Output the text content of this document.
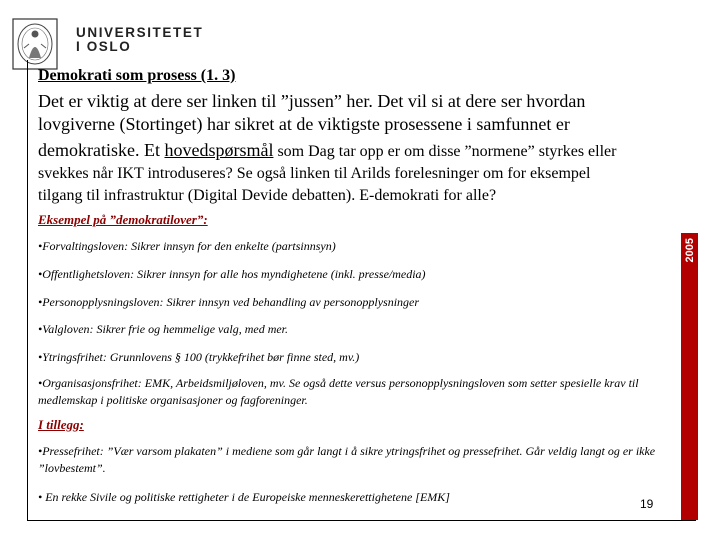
UNIVERSITETET
I OSLO
Demokrati som prosess (1. 3)
Det er viktig at dere ser linken til ”jussen” her. Det vil si at dere ser hvordan
lovgiverne (Stortinget) har sikret at de viktigste prosessene i samfunnet er
demokratiske. Et hovedspørsmål som Dag tar opp er om disse ”normene” styrkes eller
svekkes når IKT introduseres? Se også linken til Arilds forelesninger om for eksempel
tilgang til infrastruktur (Digital Devide debatten). E-demokrati for alle?
Eksempel på ”demokratilover”:
2005
•Forvaltingsloven: Sikrer innsyn for den enkelte (partsinnsyn)
•Offentlighetsloven: Sikrer innsyn for alle hos myndighetene (inkl. presse/media)
•Personopplysningsloven: Sikrer innsyn ved behandling av personopplysninger
•Valgloven: Sikrer frie og hemmelige valg, med mer.
•Ytringsfrihet: Grunnlovens § 100 (trykkefrihet bør finne sted, mv.)
•Organisasjonsfrihet: EMK, Arbeidsmiljøloven, mv. Se også dette versus personopplysningsloven som setter spesielle krav til medlemskap i politiske organisasjoner og fagforeninger.
I tillegg:
•Pressefrihet: ”Vær varsom plakaten” i mediene som går langt i å sikre ytringsfrihet og pressefrihet. Går veldig langt og er ikke ”lovbestemt”.
• En rekke Sivile og politiske rettigheter i de Europeiske menneskerettighetene [EMK]	19
